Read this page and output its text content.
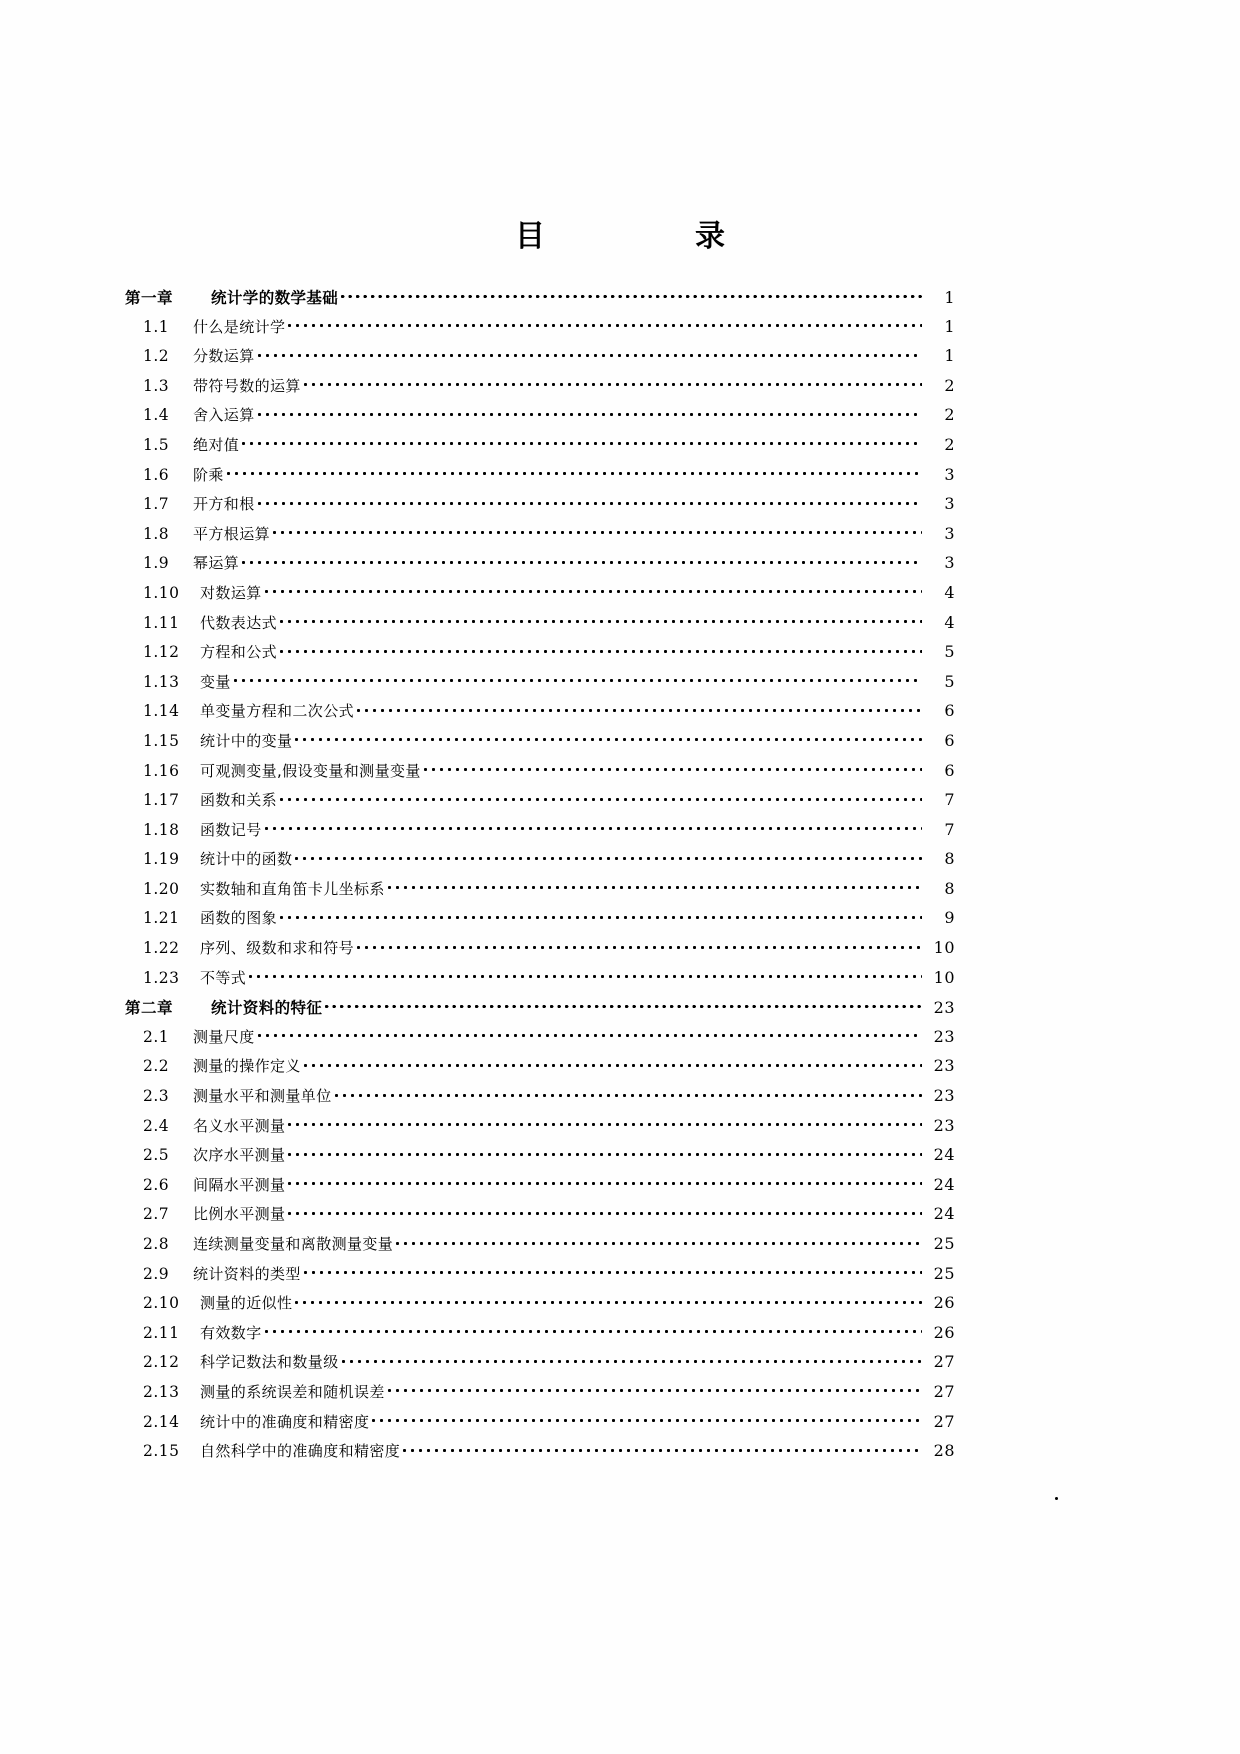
目　　录
第一章	统计学的数学基础	1
1.1	什么是统计学	1
1.2	分数运算	1
1.3	带符号数的运算	2
1.4	舍入运算	2
1.5	绝对值	2
1.6	阶乘	3
1.7	开方和根	3
1.8	平方根运算	3
1.9	幂运算	3
1.10	对数运算	4
1.11	代数表达式	4
1.12	方程和公式	5
1.13	变量	5
1.14	单变量方程和二次公式	6
1.15	统计中的变量	6
1.16	可观测变量,假设变量和测量变量	6
1.17	函数和关系	7
1.18	函数记号	7
1.19	统计中的函数	8
1.20	实数轴和直角笛卡儿坐标系	8
1.21	函数的图象	9
1.22	序列、级数和求和符号	10
1.23	不等式	10
第二章	统计资料的特征	23
2.1	测量尺度	23
2.2	测量的操作定义	23
2.3	测量水平和测量单位	23
2.4	名义水平测量	23
2.5	次序水平测量	24
2.6	间隔水平测量	24
2.7	比例水平测量	24
2.8	连续测量变量和离散测量变量	25
2.9	统计资料的类型	25
2.10	测量的近似性	26
2.11	有效数字	26
2.12	科学记数法和数量级	27
2.13	测量的系统误差和随机误差	27
2.14	统计中的准确度和精密度	27
2.15	自然科学中的准确度和精密度	28
